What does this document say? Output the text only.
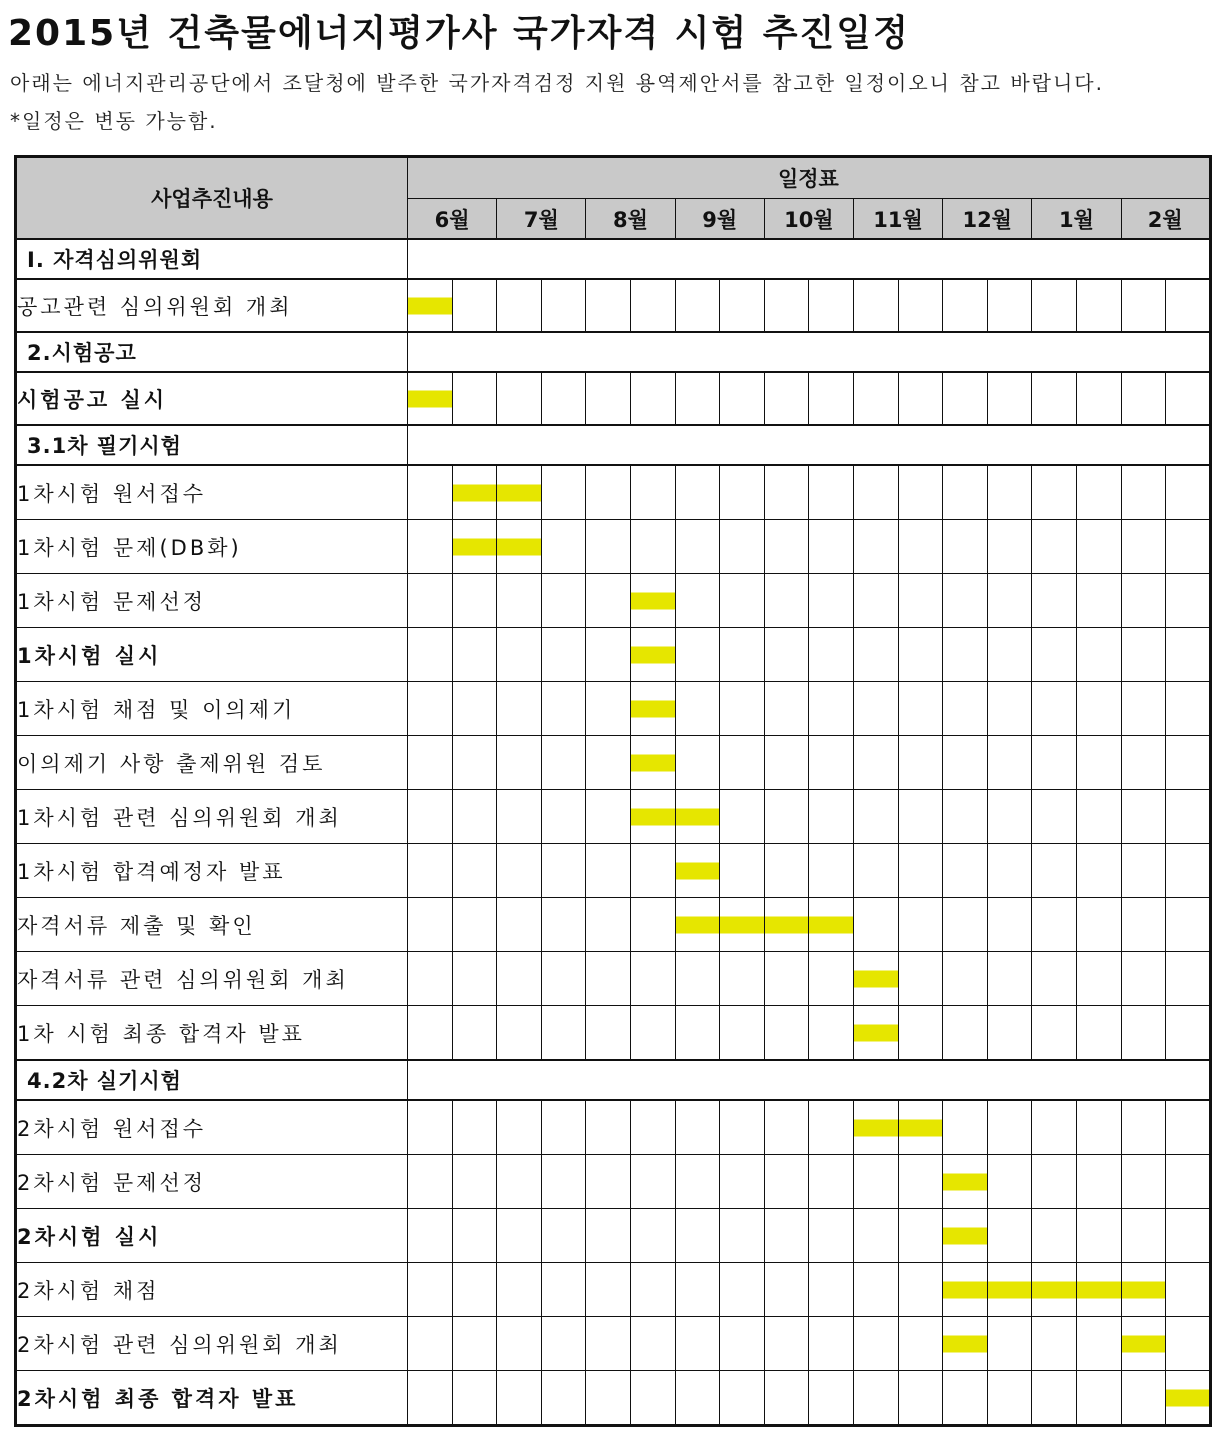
2015년 건축물에너지평가사 국가자격 시험 추진일정
아래는 에너지관리공단에서 조달청에 발주한 국가자격검정 지원 용역제안서를 참고한 일정이오니 참고 바랍니다.
*일정은 변동 가능함.
사업추진내용	일정표																	
	6월		7월		8월		9월		10월		11월		12월		1월		2월	
I. 자격심의위원회																		
공고관련 심의위원회 개최																		
2.시험공고																		
시험공고 실시																		
3.1차 필기시험																		
1차시험 원서접수																		
1차시험 문제(DB화)																		
1차시험 문제선정																		
1차시험 실시																		
1차시험 채점 및 이의제기																		
이의제기 사항 출제위원 검토																		
1차시험 관련 심의위원회 개최																		
1차시험 합격예정자 발표																		
자격서류 제출 및 확인																		
자격서류 관련 심의위원회 개최																		
1차 시험 최종 합격자 발표																		
4.2차 실기시험																		
2차시험 원서접수																		
2차시험 문제선정																		
2차시험 실시																		
2차시험 채점																		
2차시험 관련 심의위원회 개최																		
2차시험 최종 합격자 발표																		
